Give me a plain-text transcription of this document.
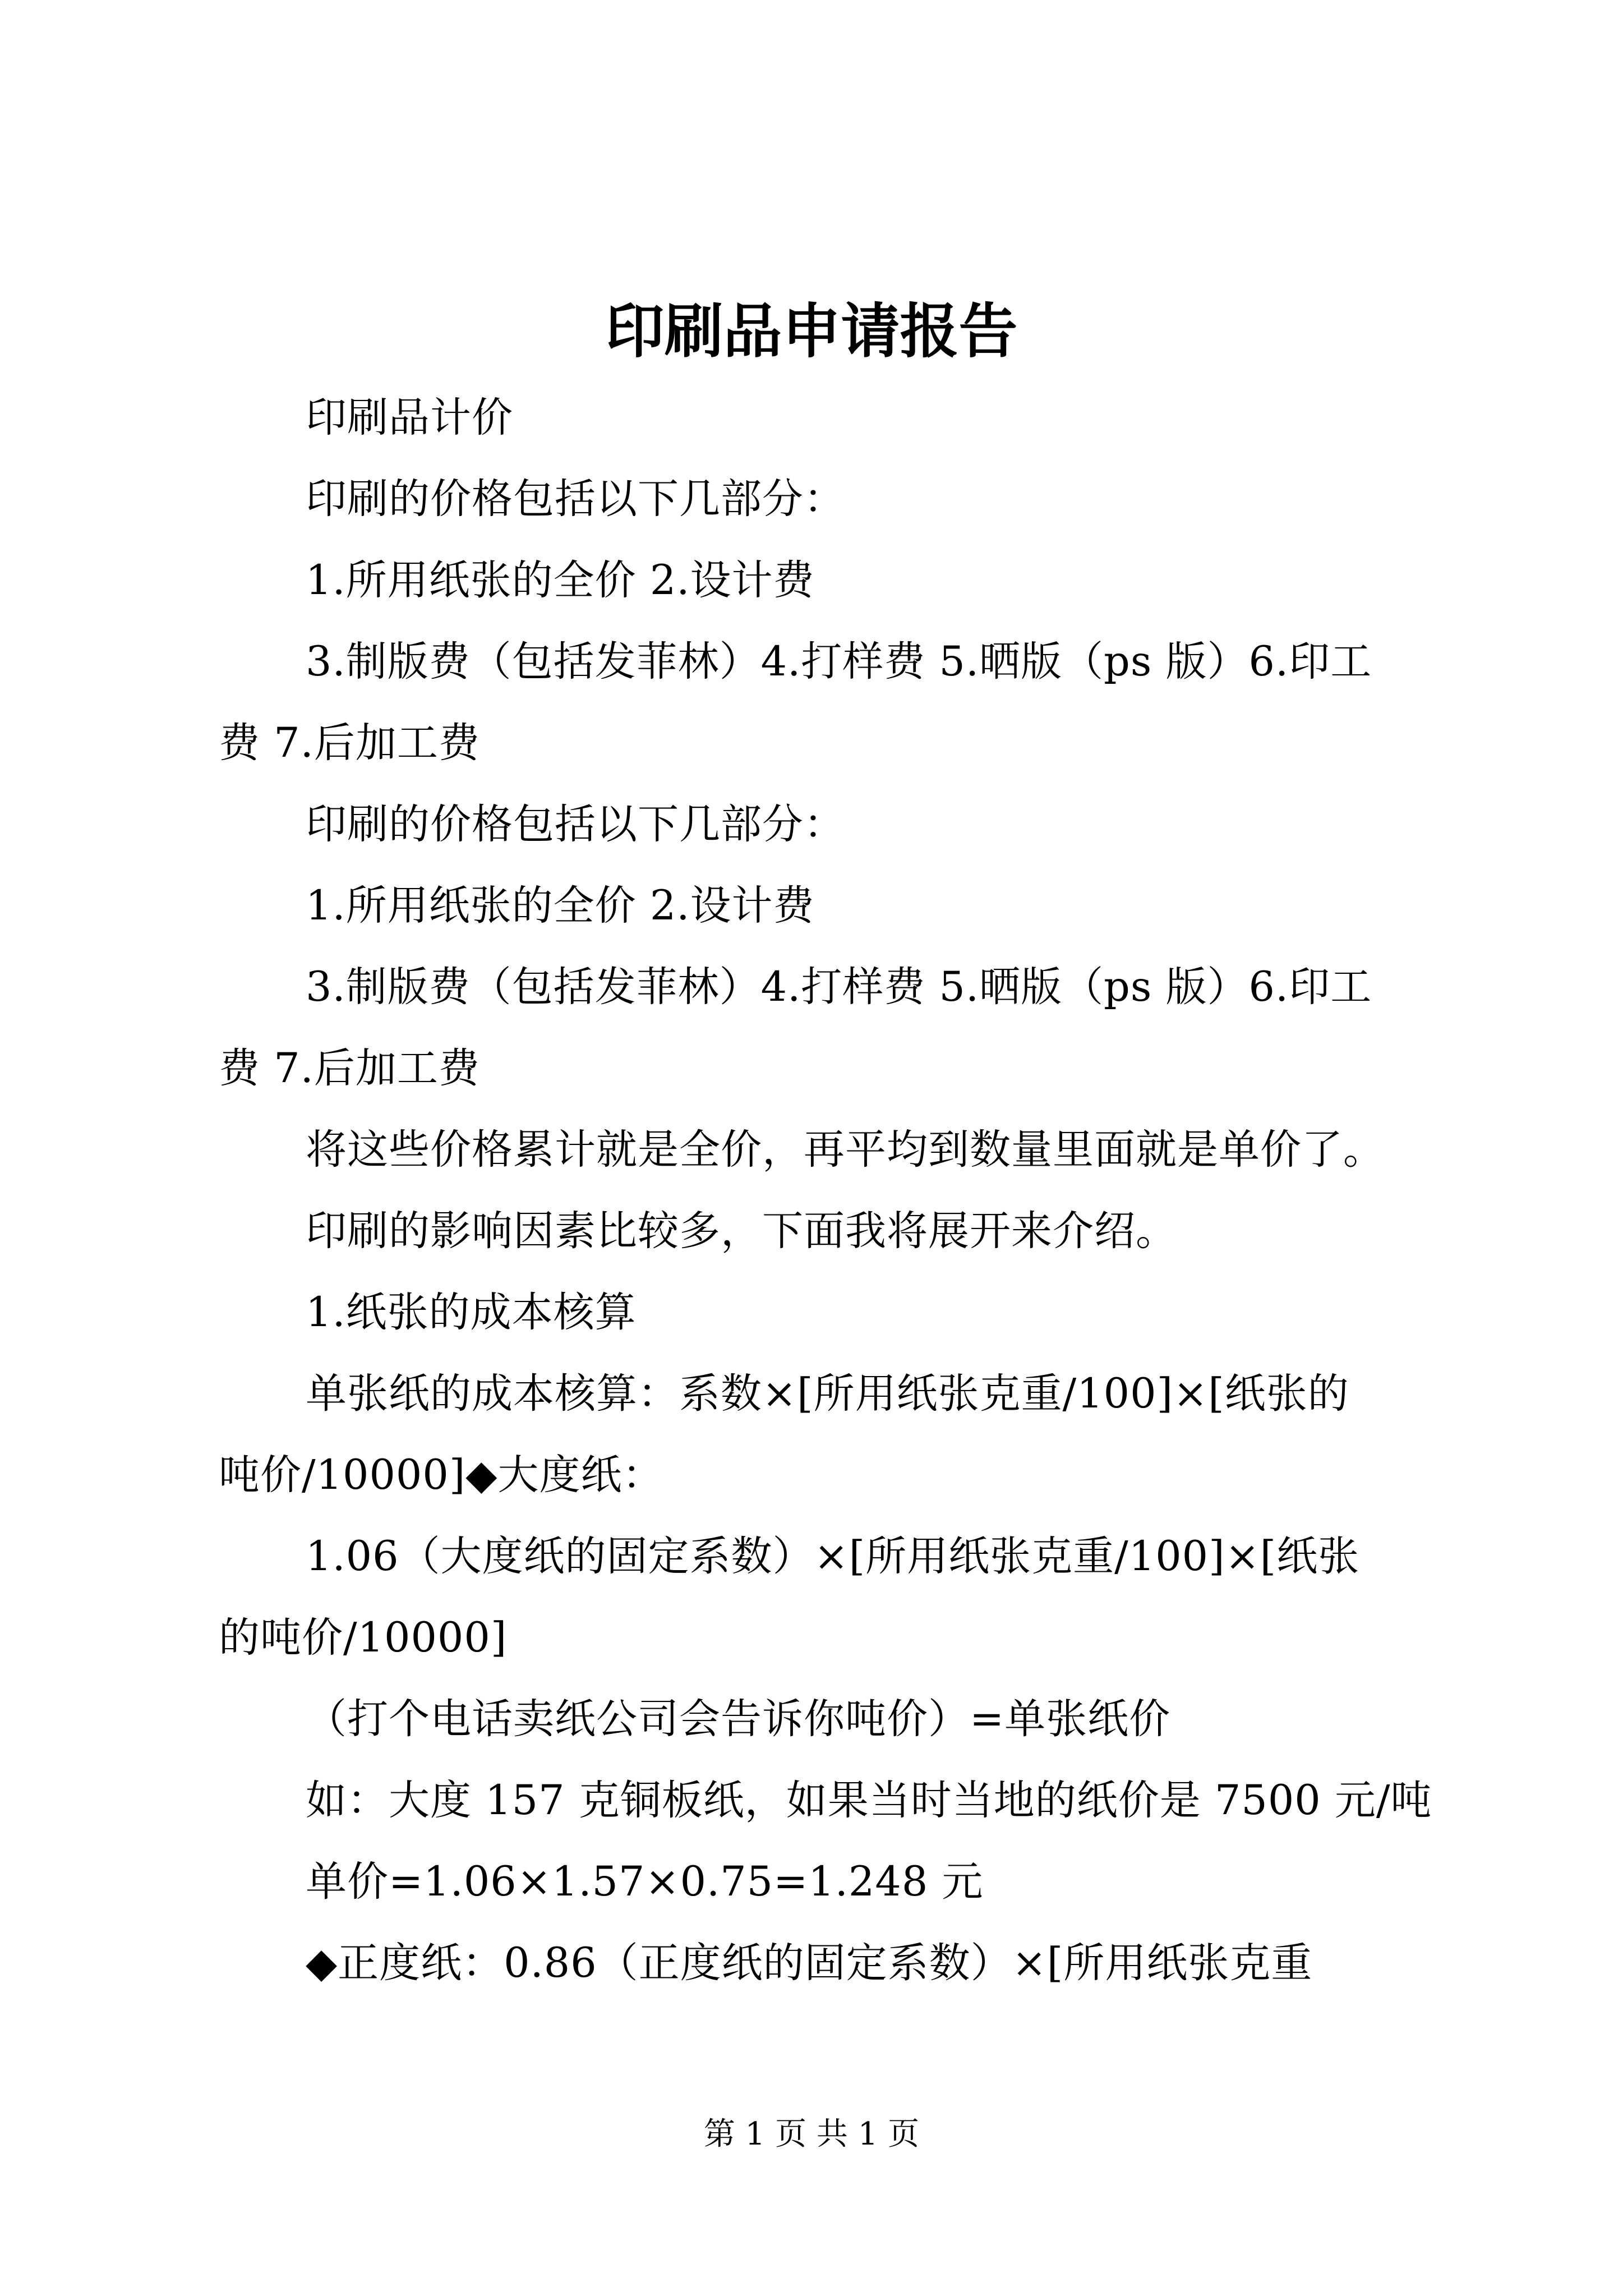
印刷品申请报告
印刷品计价
印刷的价格包括以下几部分：
1.所用纸张的全价 2.设计费
3.制版费（包括发菲林）4.打样费 5.晒版（ps 版）6.印工
费 7.后加工费
印刷的价格包括以下几部分：
1.所用纸张的全价 2.设计费
3.制版费（包括发菲林）4.打样费 5.晒版（ps 版）6.印工
费 7.后加工费
将这些价格累计就是全价，再平均到数量里面就是单价了。
印刷的影响因素比较多，下面我将展开来介绍。
1.纸张的成本核算
单张纸的成本核算：系数×[所用纸张克重/100]×[纸张的
吨价/10000]◆大度纸：
1.06（大度纸的固定系数）×[所用纸张克重/100]×[纸张
的吨价/10000]
（打个电话卖纸公司会告诉你吨价）=单张纸价
如：大度 157 克铜板纸，如果当时当地的纸价是 7500 元/吨
单价=1.06×1.57×0.75=1.248 元
◆正度纸：0.86（正度纸的固定系数）×[所用纸张克重
第 1 页 共 1 页
